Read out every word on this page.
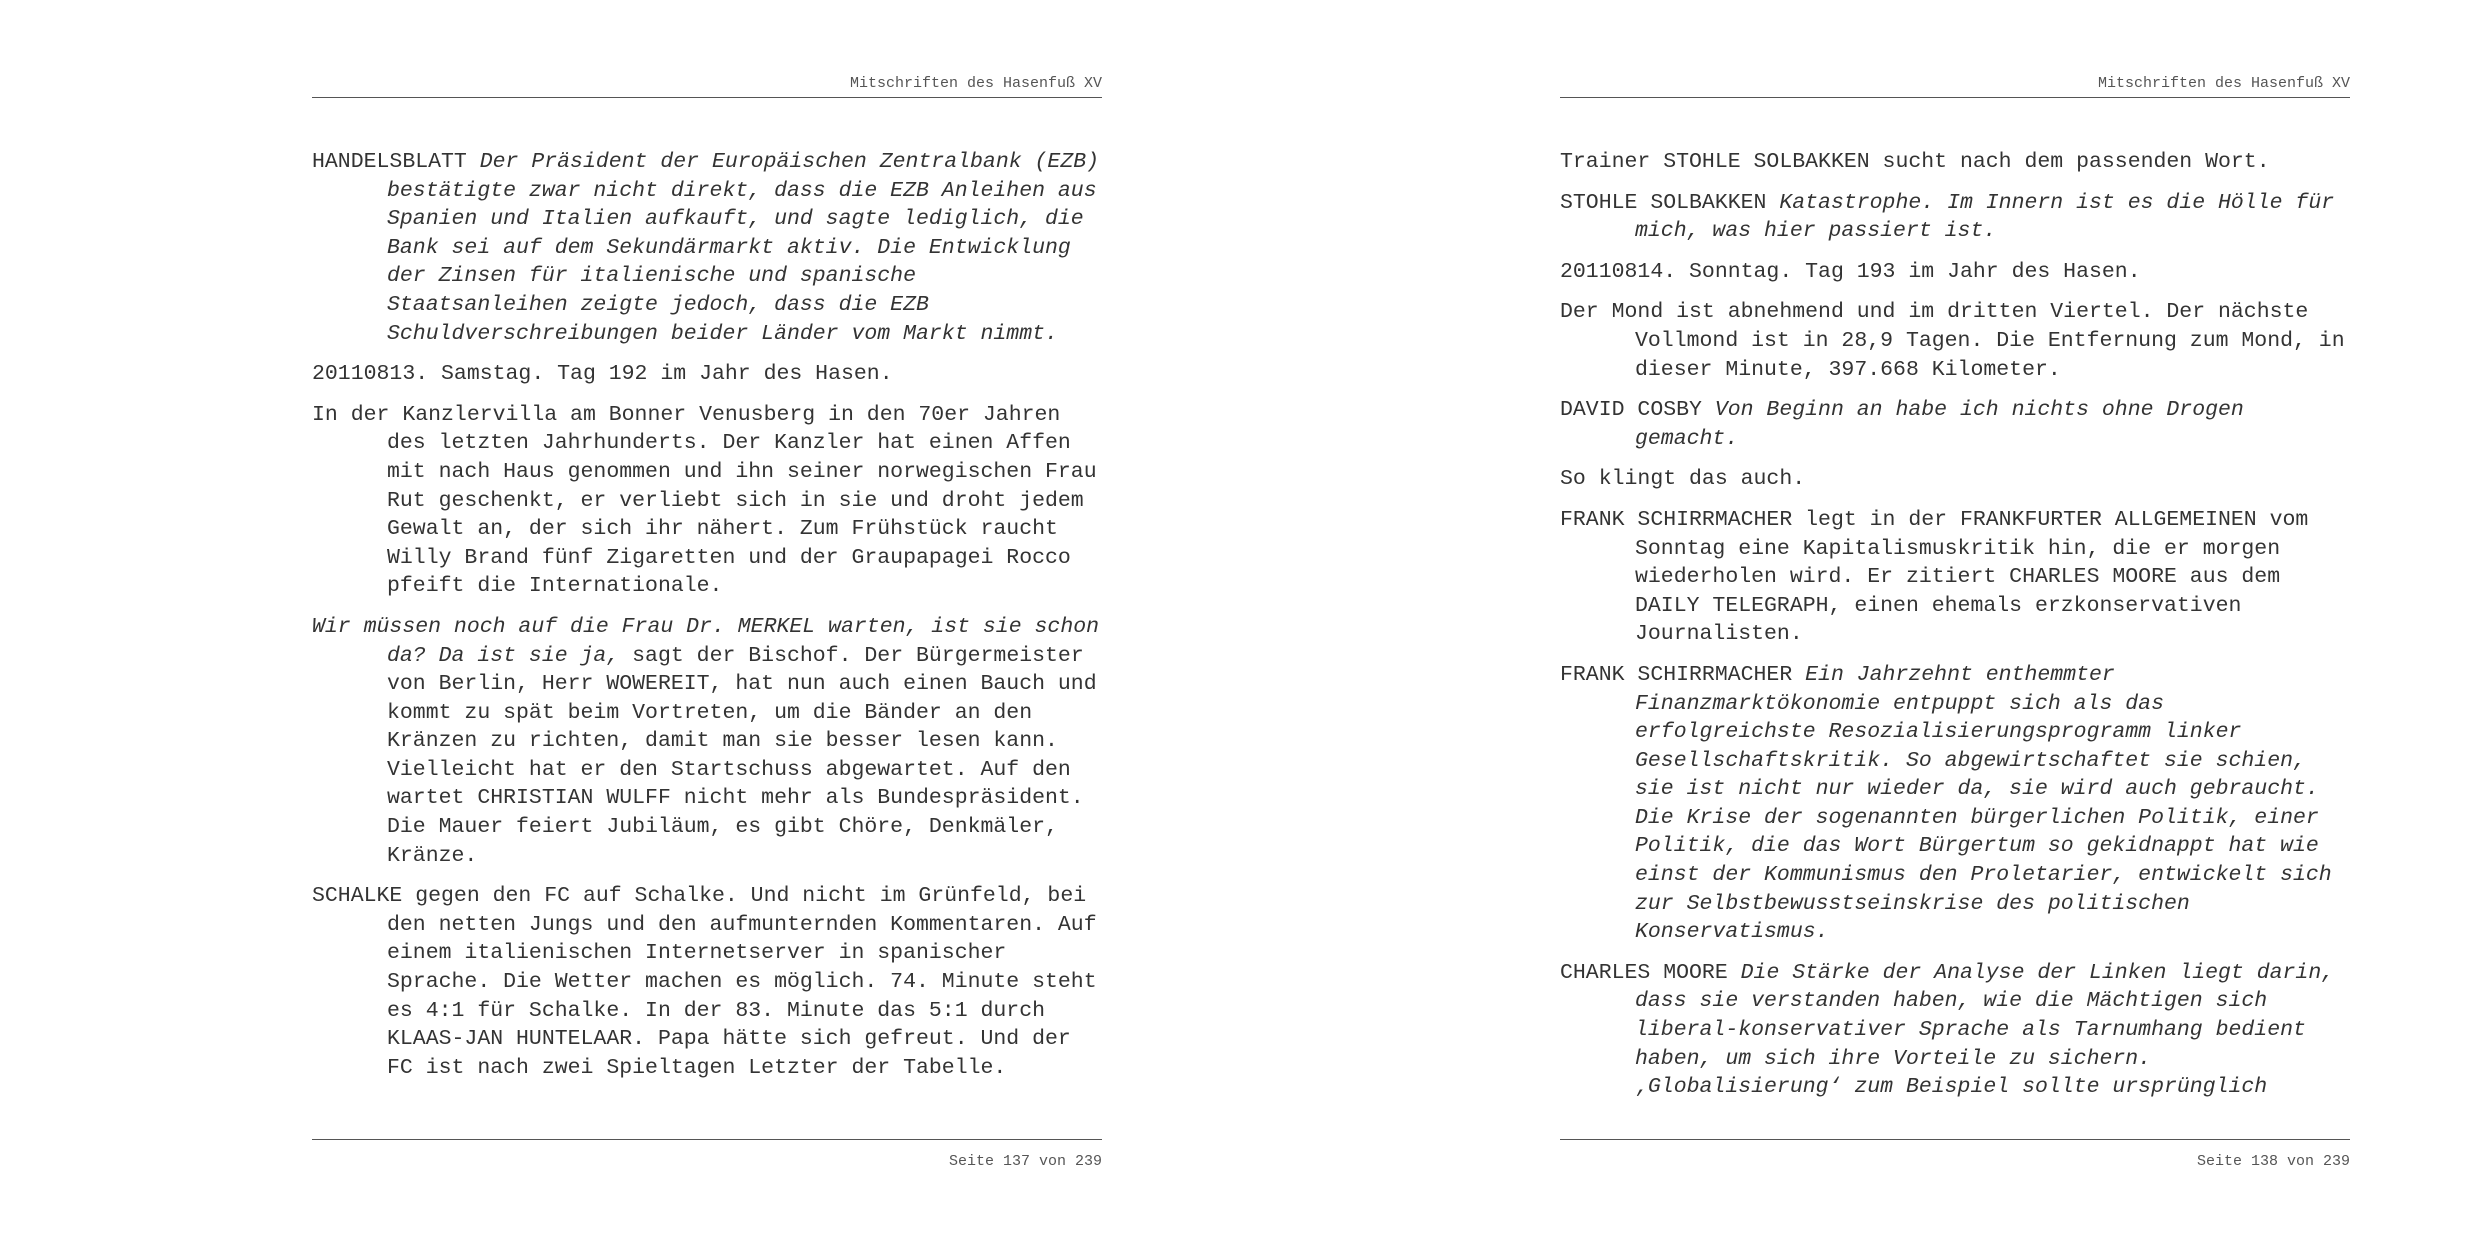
Mitschriften des Hasenfuß XV

HANDELSBLATT Der Präsident der Europäischen Zentralbank (EZB) bestätigte zwar nicht direkt, dass die EZB Anleihen aus Spanien und Italien aufkauft, und sagte lediglich, die Bank sei auf dem Sekundärmarkt aktiv. Die Entwicklung der Zinsen für italienische und spanische Staatsanleihen zeigte jedoch, dass die EZB Schuldverschreibungen beider Länder vom Markt nimmt.

20110813. Samstag. Tag 192 im Jahr des Hasen.

In der Kanzlervilla am Bonner Venusberg in den 70er Jahren des letzten Jahrhunderts. Der Kanzler hat einen Affen mit nach Haus genommen und ihn seiner norwegischen Frau Rut geschenkt, er verliebt sich in sie und droht jedem Gewalt an, der sich ihr nähert. Zum Frühstück raucht Willy Brand fünf Zigaretten und der Graupapagei Rocco pfeift die Internationale.

Wir müssen noch auf die Frau Dr. MERKEL warten, ist sie schon da? Da ist sie ja, sagt der Bischof. Der Bürgermeister von Berlin, Herr WOWEREIT, hat nun auch einen Bauch und kommt zu spät beim Vortreten, um die Bänder an den Kränzen zu richten, damit man sie besser lesen kann. Vielleicht hat er den Startschuss abgewartet. Auf den wartet CHRISTIAN WULFF nicht mehr als Bundespräsident. Die Mauer feiert Jubiläum, es gibt Chöre, Denkmäler, Kränze.

SCHALKE gegen den FC auf Schalke. Und nicht im Grünfeld, bei den netten Jungs und den aufmunternden Kommentaren. Auf einem italienischen Internetserver in spanischer Sprache. Die Wetter machen es möglich. 74. Minute steht es 4:1 für Schalke. In der 83. Minute das 5:1 durch KLAAS-JAN HUNTELAAR. Papa hätte sich gefreut. Und der FC ist nach zwei Spieltagen Letzter der Tabelle.

Seite 137 von 239
Mitschriften des Hasenfuß XV

Trainer STOHLE SOLBAKKEN sucht nach dem passenden Wort.

STOHLE SOLBAKKEN Katastrophe. Im Innern ist es die Hölle für mich, was hier passiert ist.

20110814. Sonntag. Tag 193 im Jahr des Hasen.

Der Mond ist abnehmend und im dritten Viertel. Der nächste Vollmond ist in 28,9 Tagen. Die Entfernung zum Mond, in dieser Minute, 397.668 Kilometer.

DAVID COSBY Von Beginn an habe ich nichts ohne Drogen gemacht.

So klingt das auch.

FRANK SCHIRRMACHER legt in der FRANKFURTER ALLGEMEINEN vom Sonntag eine Kapitalismuskritik hin, die er morgen wiederholen wird. Er zitiert CHARLES MOORE aus dem DAILY TELEGRAPH, einen ehemals erzkonservativen Journalisten.

FRANK SCHIRRMACHER Ein Jahrzehnt enthemmter Finanzmarktökonomie entpuppt sich als das erfolgreichste Resozialisierungsprogramm linker Gesellschaftskritik. So abgewirtschaftet sie schien, sie ist nicht nur wieder da, sie wird auch gebraucht. Die Krise der sogenannten bürgerlichen Politik, einer Politik, die das Wort Bürgertum so gekidnappt hat wie einst der Kommunismus den Proletarier, entwickelt sich zur Selbstbewusstseinskrise des politischen Konservatismus.

CHARLES MOORE Die Stärke der Analyse der Linken liegt darin, dass sie verstanden haben, wie die Mächtigen sich liberal-konservativer Sprache als Tarnumhang bedient haben, um sich ihre Vorteile zu sichern. ‚Globalisierung‘ zum Beispiel sollte ursprünglich

Seite 138 von 239
